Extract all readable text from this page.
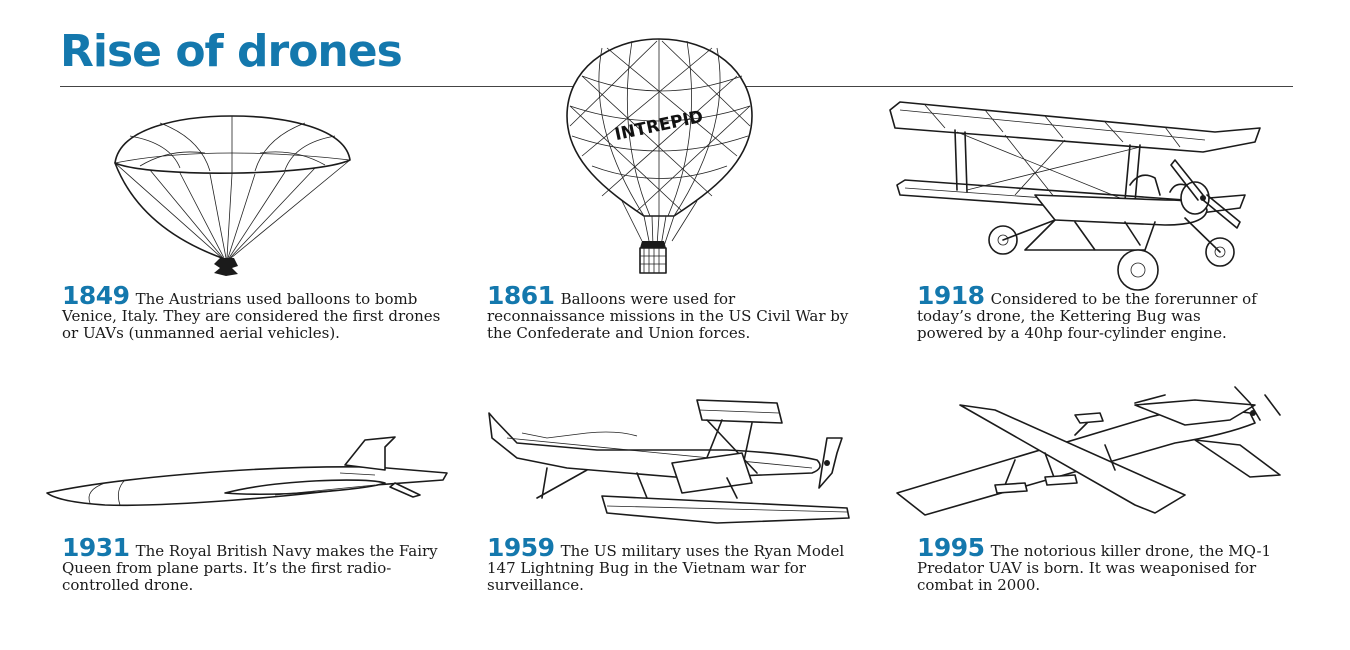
Rise of drones
INTREPID
1849 The Austrians used balloons to bomb Venice, Italy. They are considered the first drones or UAVs (unmanned aerial vehicles).
1861 Balloons were used for reconnaissance missions in the US Civil War by the Confederate and Union forces.
1918 Considered to be the forerunner of today’s drone, the Kettering Bug was powered by a 40hp four-cylinder engine.
1931 The Royal British Navy makes the Fairy Queen from plane parts. It’s the first radio-controlled drone.
1959 The US military uses the Ryan Model 147 Lightning Bug in the Vietnam war for surveillance.
1995 The notorious killer drone, the MQ-1 Predator UAV is born. It was weaponised for combat in 2000.
